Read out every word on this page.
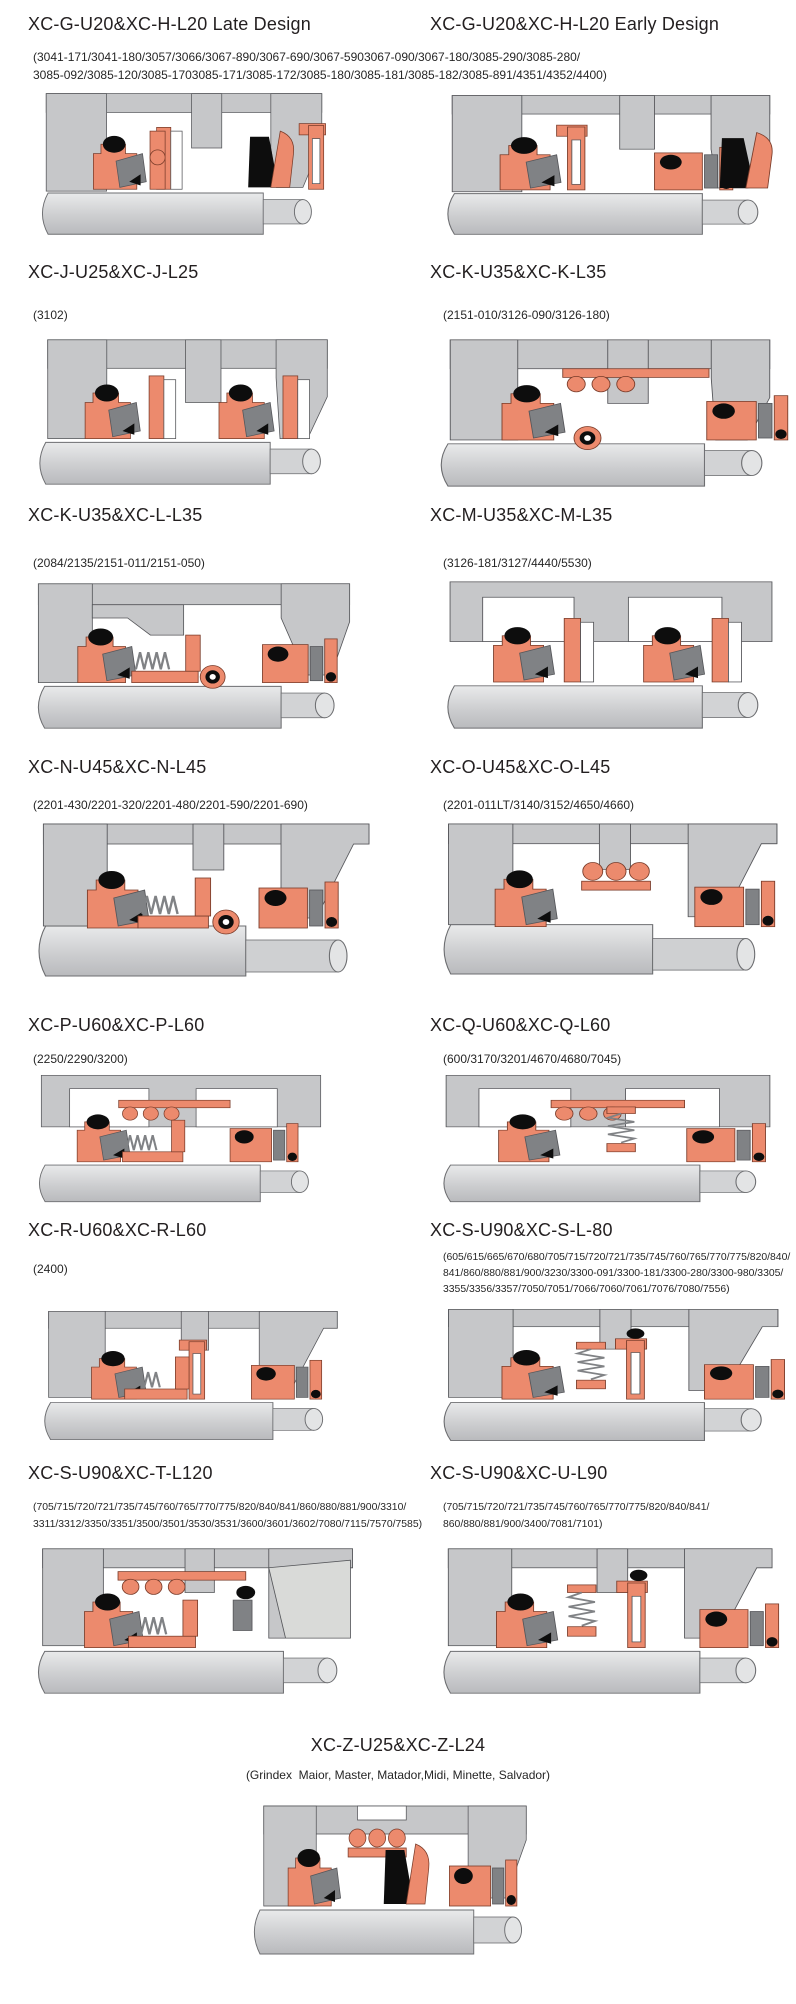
XC-G-U20&XC-H-L20 Late Design	XC-G-U20&XC-H-L20 Early Design
(3041-171/3041-180/3057/3066/3067-890/3067-690/3067-5903067-090/3067-180/3085-290/3085-280/
3085-092/3085-120/3085-1703085-171/3085-172/3085-180/3085-181/3085-182/3085-891/4351/4352/4400)
XC-J-U25&XC-J-L25	XC-K-U35&XC-K-L35
(3102)	(2151-010/3126-090/3126-180)
XC-K-U35&XC-L-L35	XC-M-U35&XC-M-L35
(2084/2135/2151-011/2151-050)	(3126-181/3127/4440/5530)
XC-N-U45&XC-N-L45	XC-O-U45&XC-O-L45
(2201-430/2201-320/2201-480/2201-590/2201-690)	(2201-011LT/3140/3152/4650/4660)
XC-P-U60&XC-P-L60	XC-Q-U60&XC-Q-L60
(2250/2290/3200)	(600/3170/3201/4670/4680/7045)
XC-R-U60&XC-R-L60	XC-S-U90&XC-S-L-80
(2400)
(605/615/665/670/680/705/715/720/721/735/745/760/765/770/775/820/840/
841/860/880/881/900/3230/3300-091/3300-181/3300-280/3300-980/3305/
3355/3356/3357/7050/7051/7066/7060/7061/7076/7080/7556)
XC-S-U90&XC-T-L120	XC-S-U90&XC-U-L90
(705/715/720/721/735/745/760/765/770/775/820/840/841/860/880/881/900/3310/
3311/3312/3350/3351/3500/3501/3530/3531/3600/3601/3602/7080/7115/7570/7585)
(705/715/720/721/735/745/760/765/770/775/820/840/841/
860/880/881/900/3400/7081/7101)
XC-Z-U25&XC-Z-L24
(Grindex  Maior, Master, Matador,Midi, Minette, Salvador)
